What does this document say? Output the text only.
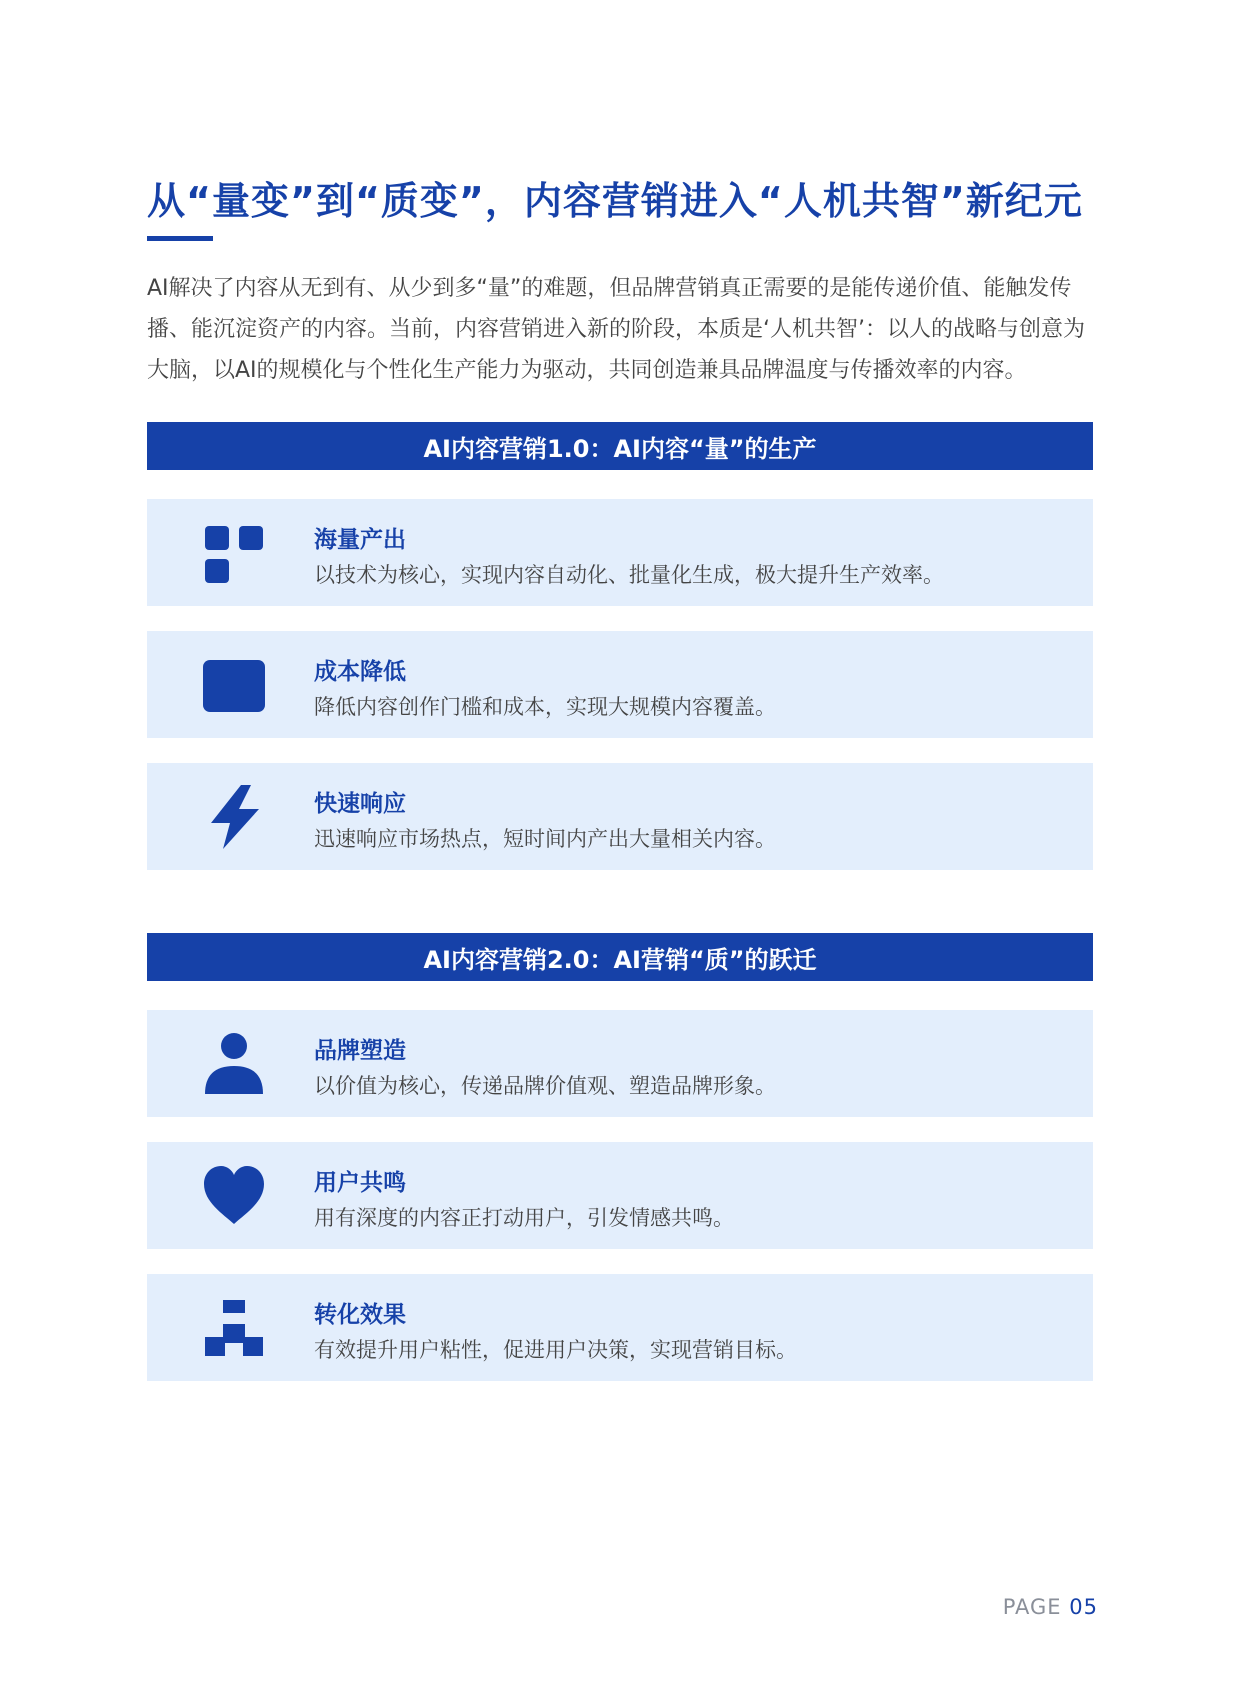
从“量变”到“质变”，内容营销进入“人机共智”新纪元

AI解决了内容从无到有、从少到多“量”的难题，但品牌营销真正需要的是能传递价值、能触发传播、能沉淀资产的内容。当前，内容营销进入新的阶段，本质是‘人机共智’：以人的战略与创意为大脑，以AI的规模化与个性化生产能力为驱动，共同创造兼具品牌温度与传播效率的内容。

AI内容营销1.0：AI内容“量”的生产
海量产出
以技术为核心，实现内容自动化、批量化生成，极大提升生产效率。
成本降低
降低内容创作门槛和成本，实现大规模内容覆盖。
快速响应
迅速响应市场热点，短时间内产出大量相关内容。
AI内容营销2.0：AI营销“质”的跃迁
品牌塑造
以价值为核心，传递品牌价值观、塑造品牌形象。
用户共鸣
用有深度的内容正打动用户，引发情感共鸣。
转化效果
有效提升用户粘性，促进用户决策，实现营销目标。
PAGE 05
